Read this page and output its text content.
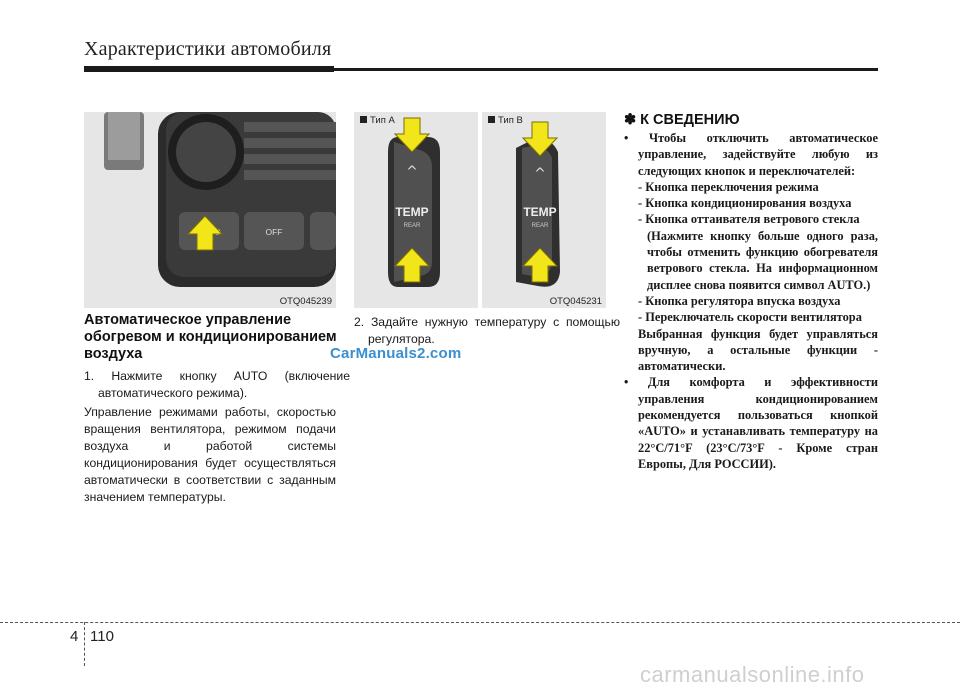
Характеристики автомобиля
OFF
OTQ045239
Тип A
^
TEMP
REAR
Тип B
^
TEMP
REAR
OTQ045231
Автоматическое управление обогревом и кондиционированием воздуха
1. Нажмите кнопку AUTO (включение автоматического режима).
Управление режимами работы, скоростью вращения вентилятора, режимом подачи воздуха и работой системы кондиционирования будет осуществляться автоматически в соответствии с заданным значением температуры.
CarManuals2.com
2. Задайте нужную температуру с помощью регулятора.
✽ К СВЕДЕНИЮ

• Чтобы отключить автоматическое управление, задействуйте любую из следующих кнопок и переключателей:

- Кнопка переключения режима

- Кнопка кондиционирования воздуха

- Кнопка оттаивателя ветрового стекла

(Нажмите кнопку больше одного раза, чтобы отменить функцию обогревателя ветрового стекла. На информационном дисплее снова появится символ AUTO.)

- Кнопка регулятора впуска воздуха

- Переключатель скорости вентилятора

Выбранная функция будет управляться вручную, а остальные функции - автоматически.

• Для комфорта и эффективности управления кондиционированием рекомендуется пользоваться кнопкой «AUTO» и устанавливать температуру на 22°C/71°F (23°C/73°F - Кроме стран Европы, Для РОССИИ).

4 110
carmanualsonline.info
